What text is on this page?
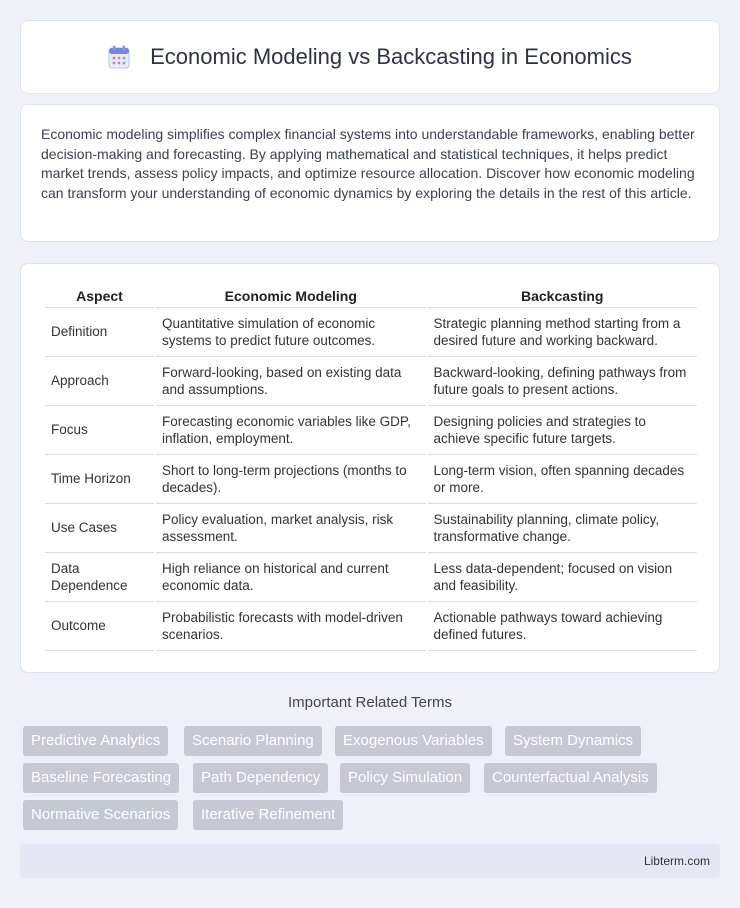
Economic Modeling vs Backcasting in Economics

Economic modeling simplifies complex financial systems into understandable frameworks, enabling better decision-making and forecasting. By applying mathematical and statistical techniques, it helps predict market trends, assess policy impacts, and optimize resource allocation. Discover how economic modeling can transform your understanding of economic dynamics by exploring the details in the rest of this article.

Aspect	Economic Modeling	Backcasting
Definition	Quantitative simulation of economic systems to predict future outcomes.	Strategic planning method starting from a desired future and working backward.
Approach	Forward-looking, based on existing data and assumptions.	Backward-looking, defining pathways from future goals to present actions.
Focus	Forecasting economic variables like GDP, inflation, employment.	Designing policies and strategies to achieve specific future targets.
Time Horizon	Short to long-term projections (months to decades).	Long-term vision, often spanning decades or more.
Use Cases	Policy evaluation, market analysis, risk assessment.	Sustainability planning, climate policy, transformative change.
Data Dependence	High reliance on historical and current economic data.	Less data-dependent; focused on vision and feasibility.
Outcome	Probabilistic forecasts with model-driven scenarios.	Actionable pathways toward achieving defined futures.
Important Related Terms
Predictive Analytics	Scenario Planning	Exogenous Variables	System Dynamics
Baseline Forecasting	Path Dependency	Policy Simulation	Counterfactual Analysis
Normative Scenarios	Iterative Refinement
Libterm.com
